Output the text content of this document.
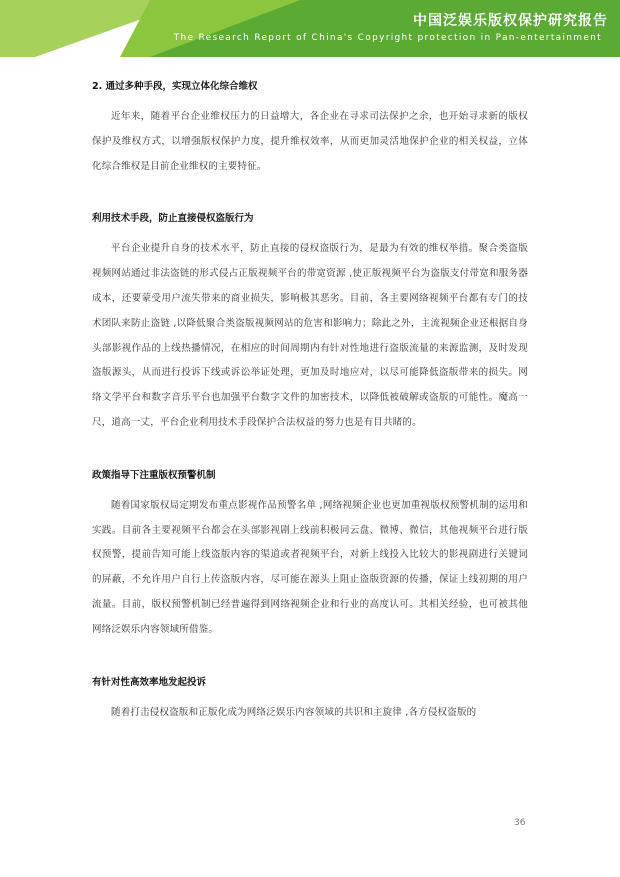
中国泛娱乐版权保护研究报告
The Research Report of China's Copyright protection in Pan-entertainment
2. 通过多种手段，实现立体化综合维权

近年来，随着平台企业维权压力的日益增大，各企业在寻求司法保护之余，也开始寻求新的版权保护及维权方式，以增强版权保护力度，提升维权效率，从而更加灵活地保护企业的相关权益，立体化综合维权是目前企业维权的主要特征。

利用技术手段，防止直接侵权盗版行为

平台企业提升自身的技术水平，防止直接的侵权盗版行为，是最为有效的维权举措。聚合类盗版视频网站通过非法盗链的形式侵占正版视频平台的带宽资源 ,使正版视频平台为盗版支付带宽和服务器成本，还要蒙受用户流失带来的商业损失，影响极其恶劣。目前，各主要网络视频平台都有专门的技术团队来防止盗链 ,以降低聚合类盗版视频网站的危害和影响力；除此之外，主流视频企业还根据自身头部影视作品的上线热播情况，在相应的时间周期内有针对性地进行盗版流量的来源监测，及时发现盗版源头，从而进行投诉下线或诉讼举证处理，更加及时地应对，以尽可能降低盗版带来的损失。网络文学平台和数字音乐平台也加强平台数字文件的加密技术，以降低被破解或盗版的可能性。魔高一尺，道高一丈，平台企业利用技术手段保护合法权益的努力也是有目共睹的。

政策指导下注重版权预警机制

随着国家版权局定期发布重点影视作品预警名单 ,网络视频企业也更加重视版权预警机制的运用和实践。目前各主要视频平台都会在头部影视剧上线前积极同云盘、微博、微信，其他视频平台进行版权预警，提前告知可能上线盗版内容的渠道或者视频平台，对新上线投入比较大的影视剧进行关键词的屏蔽，不允许用户自行上传盗版内容，尽可能在源头上阻止盗版资源的传播，保证上线初期的用户流量。目前，版权预警机制已经普遍得到网络视频企业和行业的高度认可。其相关经验，也可被其他网络泛娱乐内容领域所借鉴。

有针对性高效率地发起投诉

随着打击侵权盗版和正版化成为网络泛娱乐内容领域的共识和主旋律 ,各方侵权盗版的

36
